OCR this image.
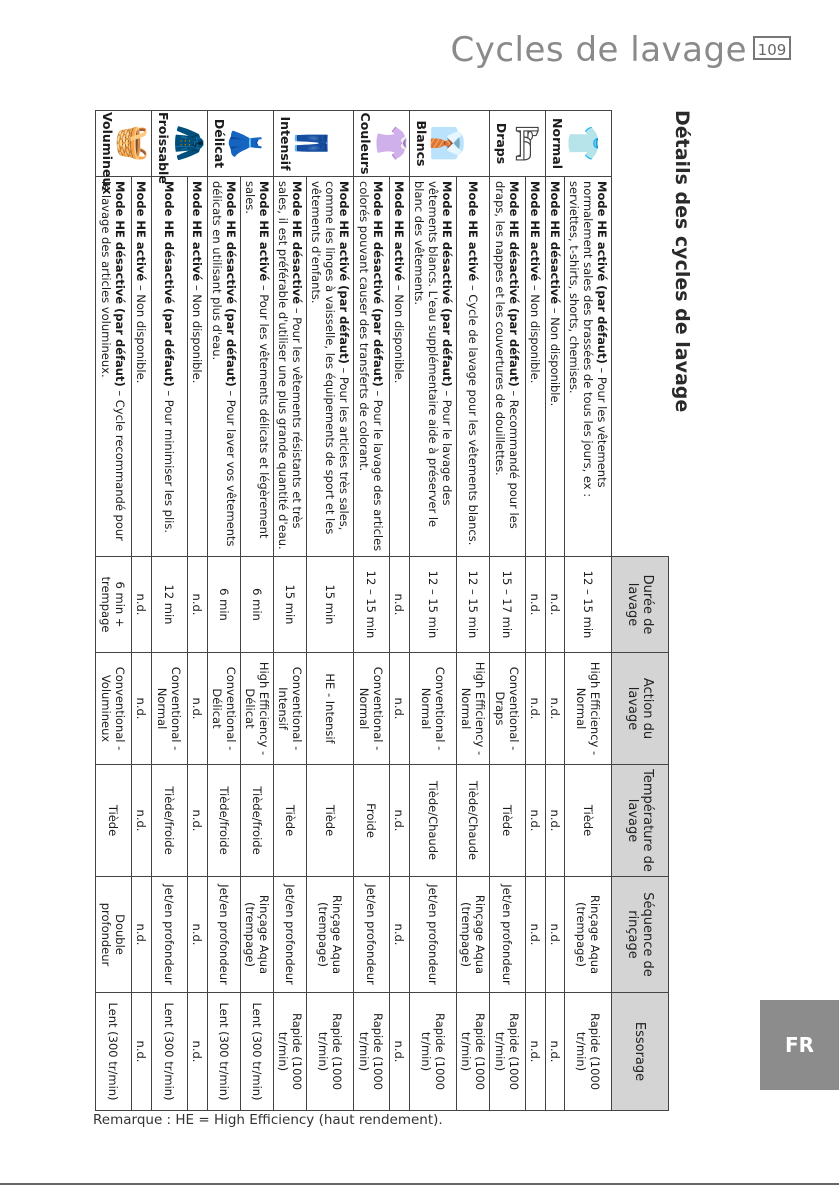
Cycles de lavage 109
Détails des cycles de lavage
		Durée de lavage	Action du lavage	Température de lavage	Séquence de rinçage	Essorage

👕
Normal	Mode HE activé (par défaut) – Pour les vêtements normalement sales des brassées de tous les jours, ex : serviettes, t-shirts, shorts, chemises.	12 – 15 min	High Efficiency - Normal	Tiède	Rinçage Aqua (trempage)	Rapide (1000 tr/min)
	Mode HE désactivé – Non disponible.	n.d.	n.d.	n.d.	n.d.	n.d.

🛏
Draps	Mode HE activé – Non disponible.	n.d.	n.d.	n.d.	n.d.	n.d.
	Mode HE désactivé (par défaut) – Recommandé pour les draps, les nappes et les couvertures de douillettes.	15 – 17 min	Conventional - Draps	Tiède	Jet/en profondeur	Rapide (1000 tr/min)

👔
Blancs	Mode HE activé – Cycle de lavage pour les vêtements blancs.	12 – 15 min	High Efficiency - Normal	Tiède/Chaude	Rinçage Aqua (trempage)	Rapide (1000 tr/min)
	Mode HE désactivé (par défaut) – Pour le lavage des vêtements blancs. L'eau supplémentaire aide à préserver le blanc des vêtements.	12 – 15 min	Conventional - Normal	Tiède/Chaude	Jet/en profondeur	Rapide (1000 tr/min)

👚
Couleurs	Mode HE activé – Non disponible.	n.d.	n.d.	n.d.	n.d.	n.d.
	Mode HE désactivé (par défaut) – Pour le lavage des articles colorés pouvant causer des transferts de colorant.	12 – 15 min	Conventional - Normal	Froide	Jet/en profondeur	Rapide (1000 tr/min)

👖
Intensif	Mode HE activé (par défaut) – Pour les articles très sales, comme les linges à vaisselle, les équipements de sport et les vêtements d'enfants.	15 min	HE - Intensif	Tiède	Rinçage Aqua (trempage)	Rapide (1000 tr/min)
	Mode HE désactivé – Pour les vêtements résistants et très sales, il est préférable d'utiliser une plus grande quantité d'eau.	15 min	Conventional - Intensif	Tiède	Jet/en profondeur	Rapide (1000 tr/min)

👗
Délicat	Mode HE activé – Pour les vêtements délicats et légèrement sales.	6 min	High Efficiency - Délicat	Tiède/froide	Rinçage Aqua (trempage)	Lent (300 tr/min)
	Mode HE désactivé (par défaut) – Pour laver vos vêtements délicats en utilisant plus d'eau.	6 min	Conventional - Délicat	Tiède/froide	Jet/en profondeur	Lent (300 tr/min)

🧥
Froissable	Mode HE activé – Non disponible.	n.d.	n.d.	n.d.	n.d.	n.d.
	Mode HE désactivé (par défaut) – Pour minimiser les plis.	12 min	Conventional - Normal	Tiède/froide	Jet/en profondeur	Lent (300 tr/min)

🧺
Volumineux	Mode HE activé – Non disponible.	n.d.	n.d.	n.d.	n.d.	n.d.
	Mode HE désactivé (par défaut) – Cycle recommandé pour le lavage des articles volumineux.	6 min + trempage	Conventional - Volumineux	Tiède	Double profondeur	Lent (300 tr/min)
Remarque : HE = High Efficiency (haut rendement).
FR
